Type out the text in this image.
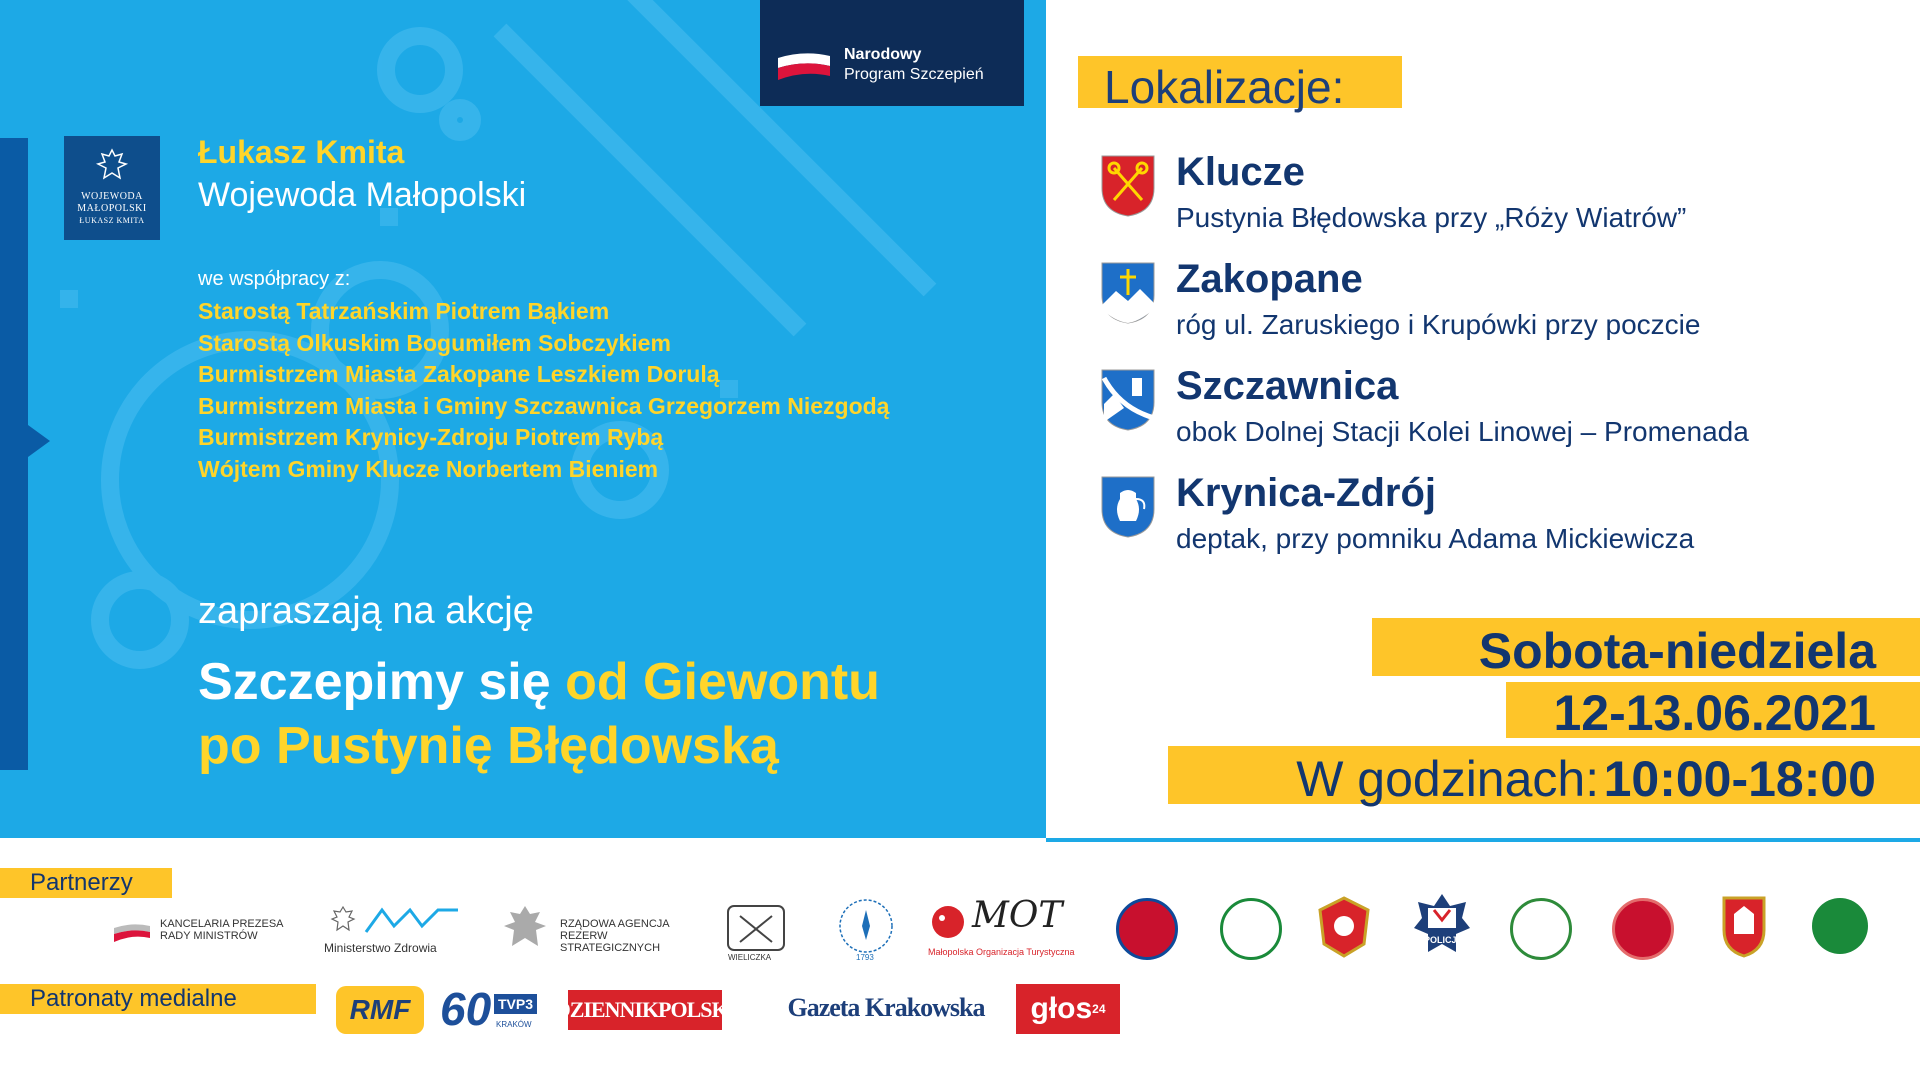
WOJEWODA
MAŁOPOLSKI
ŁUKASZ KMITA
Łukasz Kmita
Wojewoda Małopolski
we współpracy z:
Starostą Tatrzańskim Piotrem Bąkiem
Starostą Olkuskim Bogumiłem Sobczykiem
Burmistrzem Miasta Zakopane Leszkiem Dorulą
Burmistrzem Miasta i Gminy Szczawnica Grzegorzem Niezgodą
Burmistrzem Krynicy-Zdroju Piotrem Rybą
Wójtem Gminy Klucze Norbertem Bieniem
zapraszają na akcję
Szczepimy się od Giewontu
po Pustynię Błędowską
Narodowy
Program Szczepień	Lokalizacje:
Klucze
Pustynia Błędowska przy „Róży Wiatrów”
Zakopane
róg ul. Zaruskiego i Krupówki przy poczcie
Szczawnica
obok Dolnej Stacji Kolei Linowej – Promenada
Krynica-Zdrój
deptak, przy pomniku Adama Mickiewicza
Sobota-niedziela
12-13.06.2021
W godzinach: 10:00-18:00
Partnerzy
KANCELARIA PREZESA
RADY MINISTRÓW
Ministerstwo Zdrowia
RZĄDOWA AGENCJA
REZERW STRATEGICZNYCH
WIELICZKA	1793
MOT
Małopolska Organizacja Turystyczna
POLICJA
Patronaty medialne	RMF 60 TVP3
KRAKÓW
DZIENNIKPOLSKI	Gazeta Krakowska	głos 24
